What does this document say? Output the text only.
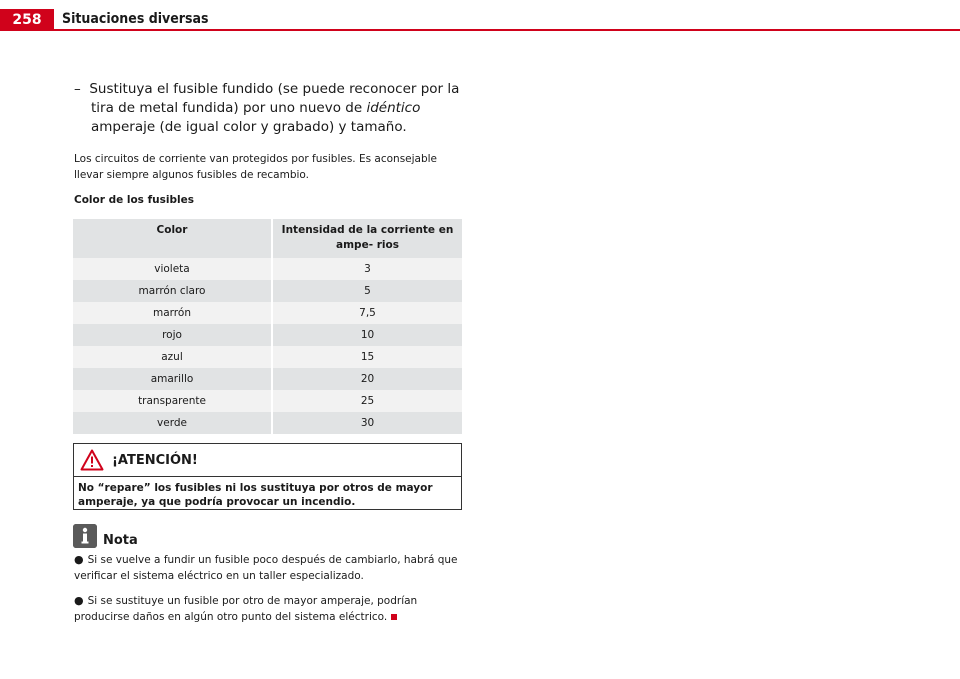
258	Situaciones diversas
– Sustituya el fusible fundido (se puede reconocer por la tira de metal fundida) por uno nuevo de idéntico amperaje (de igual color y grabado) y tamaño.
Los circuitos de corriente van protegidos por fusibles. Es aconsejable llevar siempre algunos fusibles de recambio.
Color de los fusibles
Color	Intensidad de la corriente en ampe- rios
violeta	3
marrón claro	5
marrón	7,5
rojo	10
azul	15
amarillo	20
transparente	25
verde	30
¡ATENCIÓN!
No “repare” los fusibles ni los sustituya por otros de mayor amperaje, ya que podría provocar un incendio.
Nota
● Si se vuelve a fundir un fusible poco después de cambiarlo, habrá que verificar el sistema eléctrico en un taller especializado.
● Si se sustituye un fusible por otro de mayor amperaje, podrían producirse daños en algún otro punto del sistema eléctrico.
